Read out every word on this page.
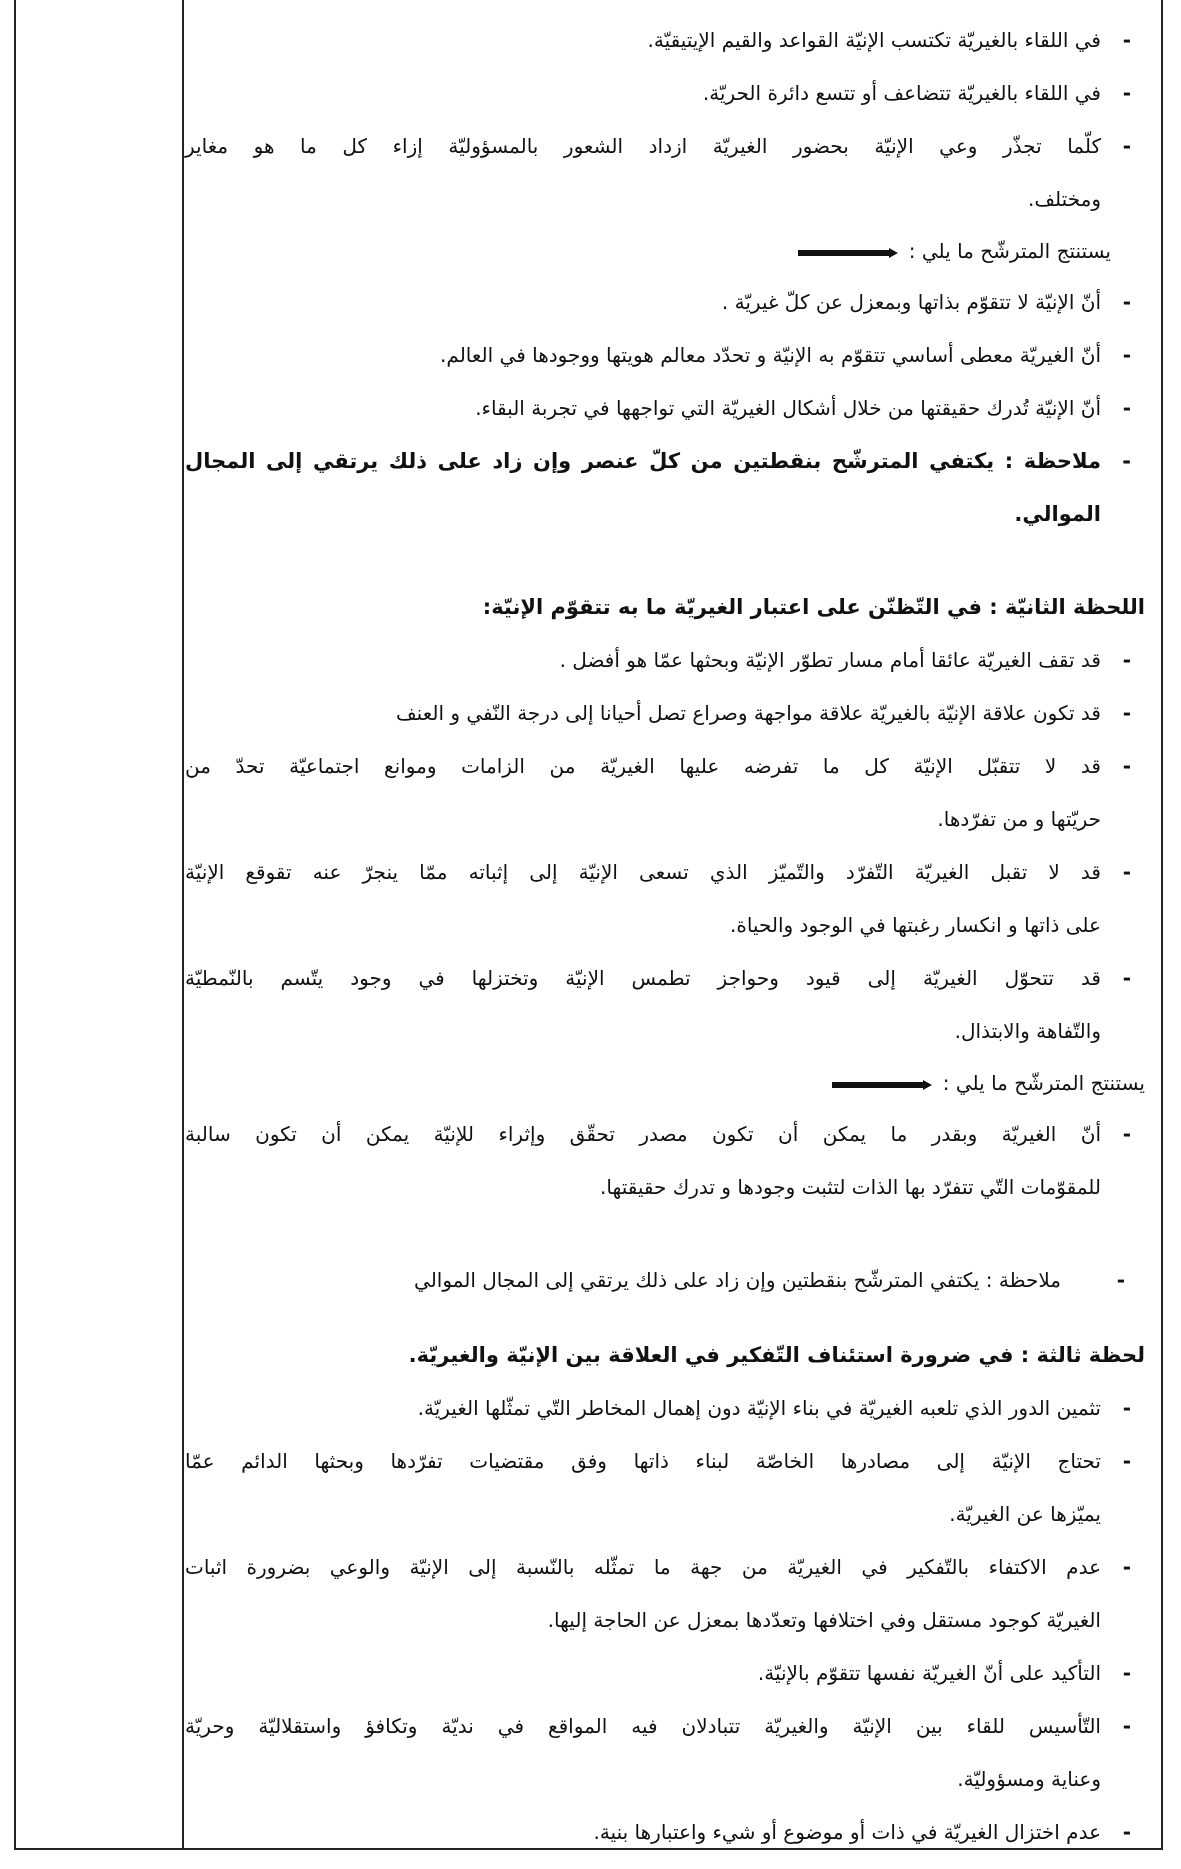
-
في اللقاء بالغيريّة تكتسب الإنيّة القواعد والقيم الإيتيقيّة.
-
في اللقاء بالغيريّة تتضاعف أو تتسع دائرة الحريّة.
-
كلّما تجذّر وعي الإنيّة بحضور الغيريّة ازداد الشعور بالمسؤوليّة إزاء كل ما هو مغاير
ومختلف.
يستنتج المترشّح ما يلي :
-
أنّ الإنيّة لا تتقوّم بذاتها وبمعزل عن كلّ غيريّة .
-
أنّ الغيريّة معطى أساسي تتقوّم به الإنيّة و تحدّد معالم هويتها ووجودها في العالم.
-
أنّ الإنيّة تُدرك حقيقتها من خلال أشكال الغيريّة التي تواجهها في تجربة البقاء.
-
ملاحظة : يكتفي المترشّح بنقطتين من كلّ عنصر وإن زاد على ذلك يرتقي إلى المجال
الموالي.
اللحظة الثانيّة : في التّظنّن على اعتبار الغيريّة ما به تتقوّم الإنيّة:
-
قد تقف الغيريّة عائقا أمام مسار تطوّر الإنيّة وبحثها عمّا هو أفضل .
-
قد تكون علاقة الإنيّة بالغيريّة علاقة مواجهة وصراع تصل أحيانا إلى درجة النّفي و العنف
-
قد لا تتقبّل الإنيّة كل ما تفرضه عليها الغيريّة من الزامات وموانع اجتماعيّة تحدّ من
حريّتها و من تفرّدها.
-
قد لا تقبل الغيريّة التّفرّد والتّميّز الذي تسعى الإنيّة إلى إثباته ممّا ينجرّ عنه تقوقع الإنيّة
على ذاتها و انكسار رغبتها في الوجود والحياة.
-
قد تتحوّل الغيريّة إلى قيود وحواجز تطمس الإنيّة وتختزلها في وجود يتّسم بالنّمطيّة
والتّفاهة والابتذال.
يستنتج المترشّح ما يلي :
-
أنّ الغيريّة وبقدر ما يمكن أن تكون مصدر تحقّق وإثراء للإنيّة يمكن أن تكون سالبة
للمقوّمات التّي تتفرّد بها الذات لتثبت وجودها و تدرك حقيقتها.
-
ملاحظة : يكتفي المترشّح بنقطتين وإن زاد على ذلك يرتقي إلى المجال الموالي
لحظة ثالثة : في ضرورة استئناف التّفكير في العلاقة بين الإنيّة والغيريّة.
-
تثمين الدور الذي تلعبه الغيريّة في بناء الإنيّة دون إهمال المخاطر التّي تمثّلها الغيريّة.
-
تحتاج الإنيّة إلى مصادرها الخاصّة لبناء ذاتها وفق مقتضيات تفرّدها وبحثها الدائم عمّا
يميّزها عن الغيريّة.
-
عدم الاكتفاء بالتّفكير في الغيريّة من جهة ما تمثّله بالنّسبة إلى الإنيّة والوعي بضرورة اثبات
الغيريّة كوجود مستقل وفي اختلافها وتعدّدها بمعزل عن الحاجة إليها.
-
التأكيد على أنّ الغيريّة نفسها تتقوّم بالإنيّة.
-
التّأسيس للقاء بين الإنيّة والغيريّة تتبادلان فيه المواقع في نديّة وتكافؤ واستقلاليّة وحريّة
وعناية ومسؤوليّة.
-
عدم اختزال الغيريّة في ذات أو موضوع أو شيء واعتبارها بنية.
